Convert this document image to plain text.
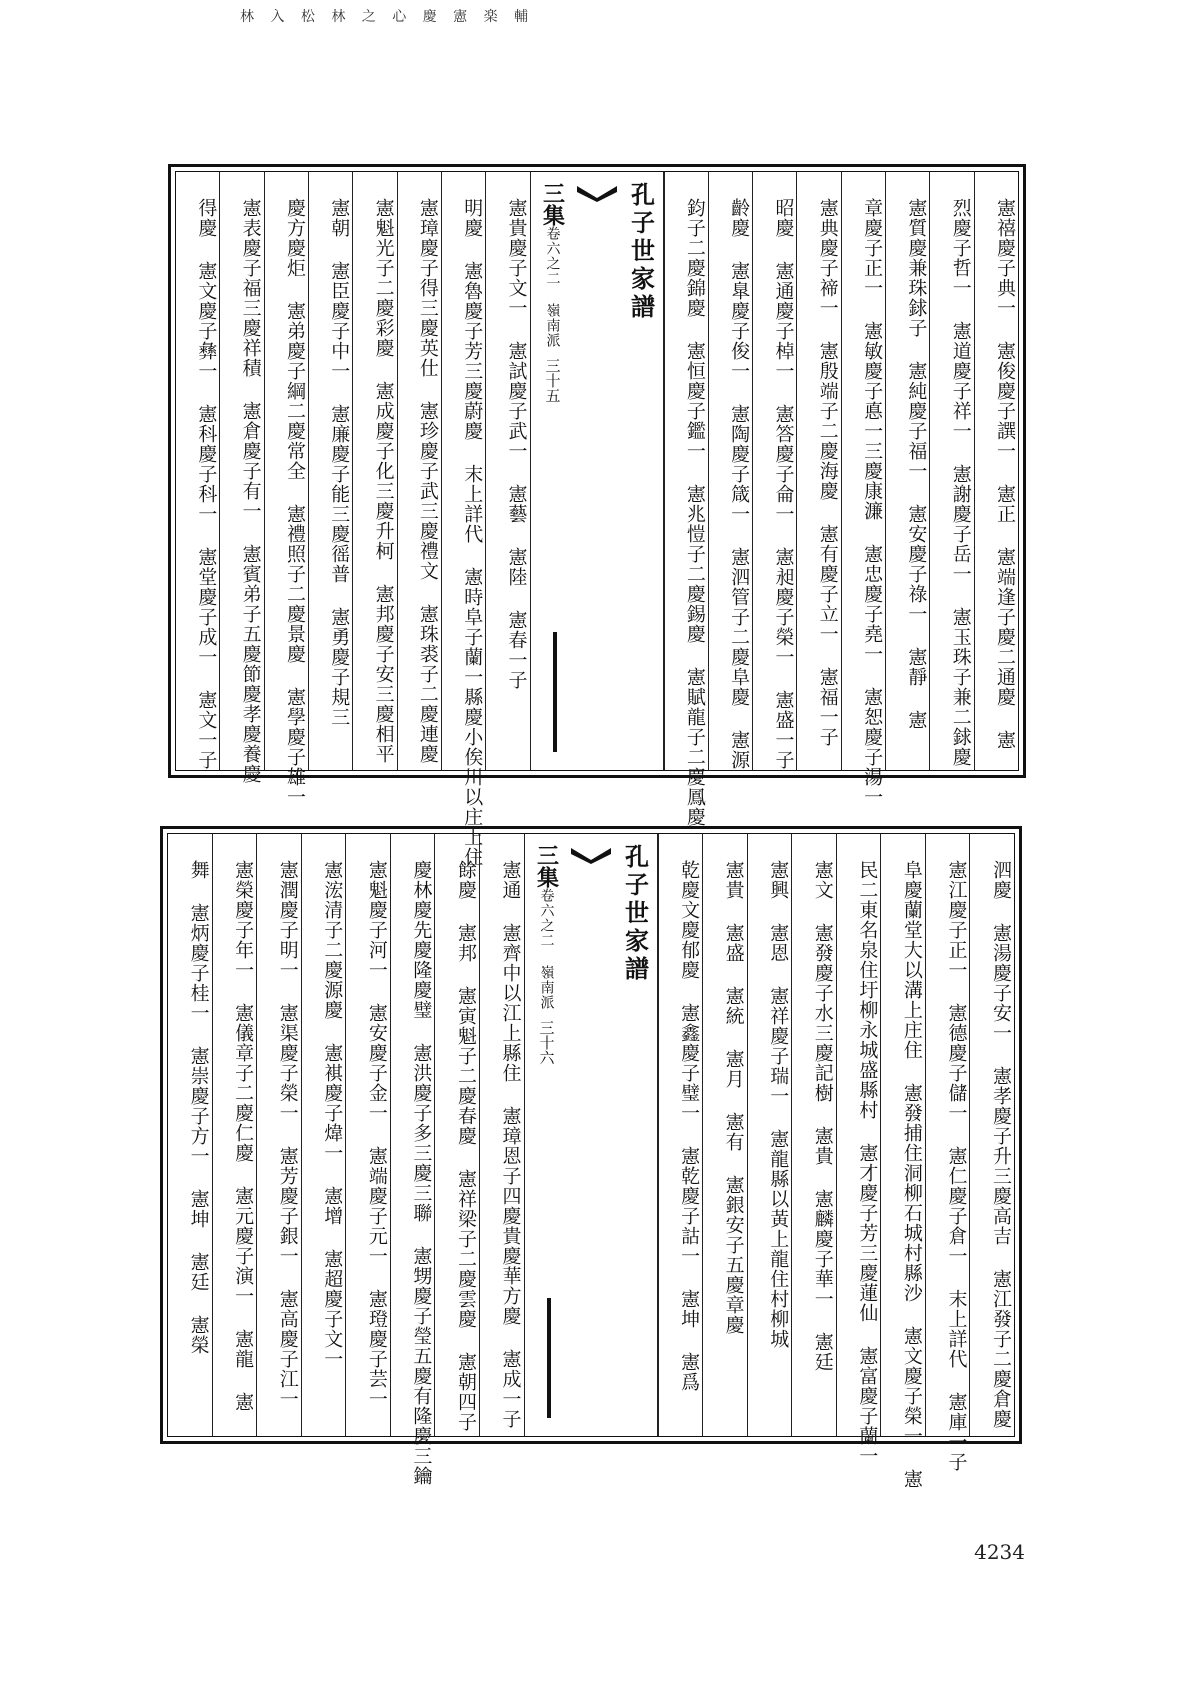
林 入 松 林 之 心 慶 憲 楽 輔
憲禧慶子典一 憲俊慶子譔一 憲正 憲端逢子慶二通慶 憲
烈慶子哲一 憲道慶子祥一 憲謝慶子岳一 憲玉珠子兼二銶慶
憲質慶兼珠銶子 憲純慶子福一 憲安慶子祿一 憲靜 憲
章慶子正一 憲敏慶子悳一三慶康濂 憲忠慶子堯一 憲恕慶子湯一
憲典慶子禘一 憲殷端子二慶海慶 憲有慶子立一 憲福一子
昭慶 憲通慶子棹一 憲答慶子侖一 憲昶慶子榮一 憲盛一子
齡慶 憲臯慶子俊一 憲陶慶子箴一 憲泗管子二慶阜慶 憲源
鈞子二慶錦慶 憲恒慶子鑑一 憲兆愷子二慶錫慶 憲賦龍子二慶鳳慶
孔子世家譜
三集卷六之二 嶺南派三十五
憲貴慶子文一 憲試慶子武一 憲藝 憲陸 憲春一子
明慶 憲魯慶子芳三慶蔚慶 末上詳代 憲時阜子蘭一縣慶小俟川以庄上住
憲璋慶子得三慶英仕 憲珍慶子武三慶禮文 憲珠裘子二慶連慶
憲魁光子二慶彩慶 憲成慶子化三慶升柯 憲邦慶子安三慶相平
憲朝 憲臣慶子中一 憲廉慶子能三慶徭普 憲勇慶子規三
慶方慶炬 憲弟慶子綱二慶常全 憲禮照子二慶景慶 憲學慶子雄一
憲表慶子福三慶祥積 憲倉慶子有一 憲賓弟子五慶節慶孝慶養慶
得慶 憲文慶子彝一 憲科慶子科一 憲堂慶子成一 憲文一子
泗慶 憲湯慶子安一 憲孝慶子升三慶高吉 憲江發子二慶倉慶
憲江慶子正一 憲德慶子儲一 憲仁慶子倉一 末上詳代 憲庫一子
阜慶蘭堂大以溝上庄住 憲發捕住洞柳石城村縣沙 憲文慶子榮一 憲
民二東名泉住圩柳永城盛縣村 憲才慶子芳三慶蓮仙 憲富慶子蘭一
憲文 憲發慶子水三慶記樹 憲貴 憲麟慶子華一 憲廷
憲興 憲恩 憲祥慶子瑞一 憲龍縣以黃上龍住村柳城
憲貴 憲盛 憲統 憲月 憲有 憲銀安子五慶章慶
乾慶文慶郁慶 憲鑫慶子璧一 憲乾慶子詁一 憲坤 憲爲
孔子世家譜
三集卷六之二 嶺南派三十六
憲通 憲齊中以江上縣住 憲璋恩子四慶貴慶華方慶 憲成一子
餘慶 憲邦 憲寅魁子二慶春慶 憲祥梁子二慶雲慶 憲朝四子
慶林慶先慶隆慶璧 憲洪慶子多三慶三聯 憲甥慶子瑩五慶有隆慶三鑰
憲魁慶子河一 憲安慶子金一 憲端慶子元一 憲璒慶子芸一
憲浤清子二慶源慶 憲褀慶子煒一 憲增 憲超慶子文一
憲潤慶子明一 憲渠慶子榮一 憲芳慶子銀一 憲高慶子江一
憲榮慶子年一 憲儀章子二慶仁慶 憲元慶子演一 憲龍 憲
舞 憲炳慶子桂一 憲崇慶子方一 憲坤 憲廷 憲榮
4234
